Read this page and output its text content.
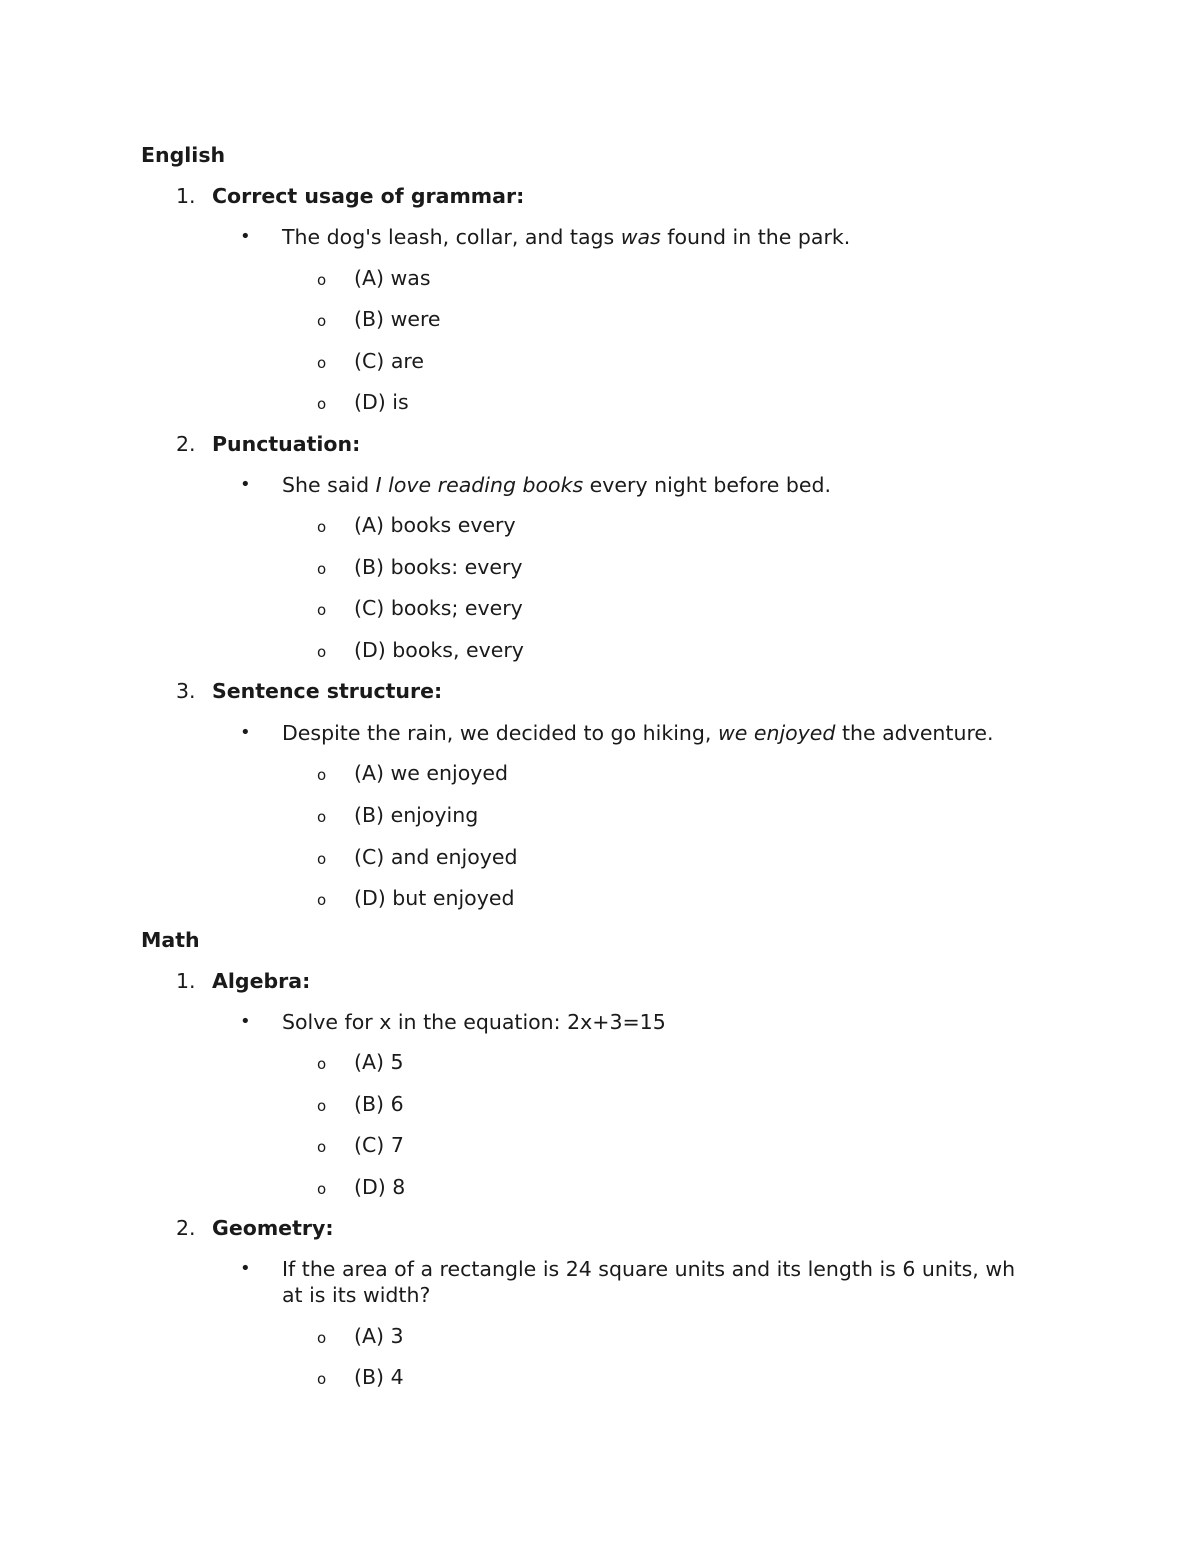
English
1. Correct usage of grammar:
• The dog's leash, collar, and tags was found in the park.
o (A) was
o (B) were
o (C) are
o (D) is
2. Punctuation:
• She said I love reading books every night before bed.
o (A) books every
o (B) books: every
o (C) books; every
o (D) books, every
3. Sentence structure:
• Despite the rain, we decided to go hiking, we enjoyed the adventure.
o (A) we enjoyed
o (B) enjoying
o (C) and enjoyed
o (D) but enjoyed
Math
1. Algebra:
• Solve for x in the equation: 2x+3=15
o (A) 5
o (B) 6
o (C) 7
o (D) 8
2. Geometry:
• If the area of a rectangle is 24 square units and its length is 6 units, wh
at is its width?
o (A) 3
o (B) 4
